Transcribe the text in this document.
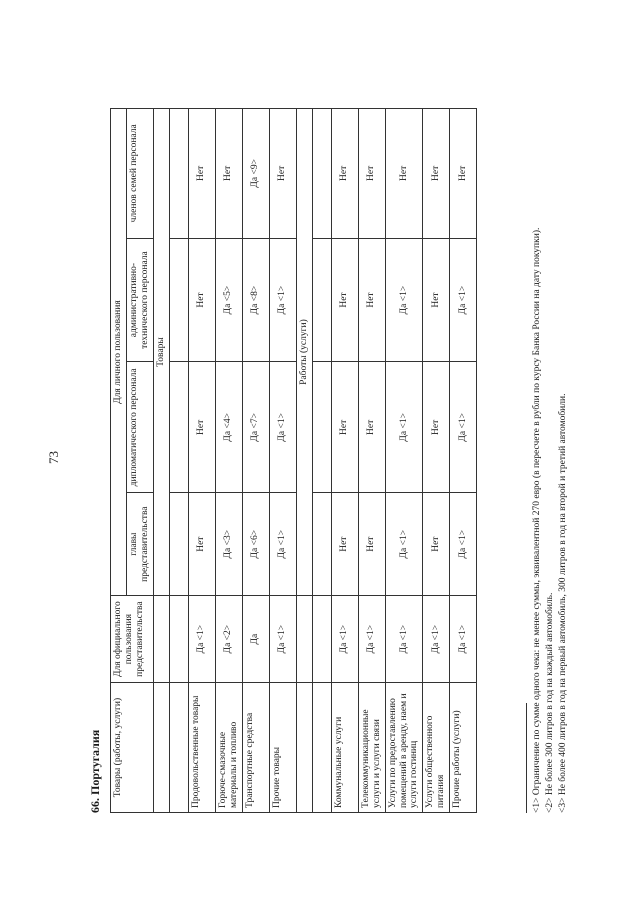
73
66. Португалия Товары (работы, услуги)	Для официального пользования представительства	Для личного пользования			
		главы представительства	дипломатического персонала	административно-технического персонала	членов семей персонала
		Товары			

Продовольственные товары	Да <1>	Нет	Нет	Нет	Нет
Горюче-смазочные материалы и топливо	Да <2>	Да <3>	Да <4>	Да <5>	Нет
Транспортные средства	Да	Да <6>	Да <7>	Да <8>	Да <9>
Прочие товары	Да <1>	Да <1>	Да <1>	Да <1>	Нет
		Работы (услуги)			

Коммунальные услуги	Да <1>	Нет	Нет	Нет	Нет
Телекоммуникационные услуги и услуги связи	Да <1>	Нет	Нет	Нет	Нет
Услуги по предоставлению помещений в аренду, наем и услуги гостиниц	Да <1>	Да <1>	Да <1>	Да <1>	Нет
Услуги общественного питания	Да <1>	Нет	Нет	Нет	Нет
Прочие работы (услуги)	Да <1>	Да <1>	Да <1>	Да <1>	Нет
<1> Ограничение по сумме одного чека: не менее суммы, эквивалентной 270 евро (в пересчете в рубли по курсу Банка России на дату покупки). <2> Не более 300 литров в год на каждый автомобиль. <3> Не более 400 литров в год на первый автомобиль, 300 литров в год на второй и третий автомобили.
